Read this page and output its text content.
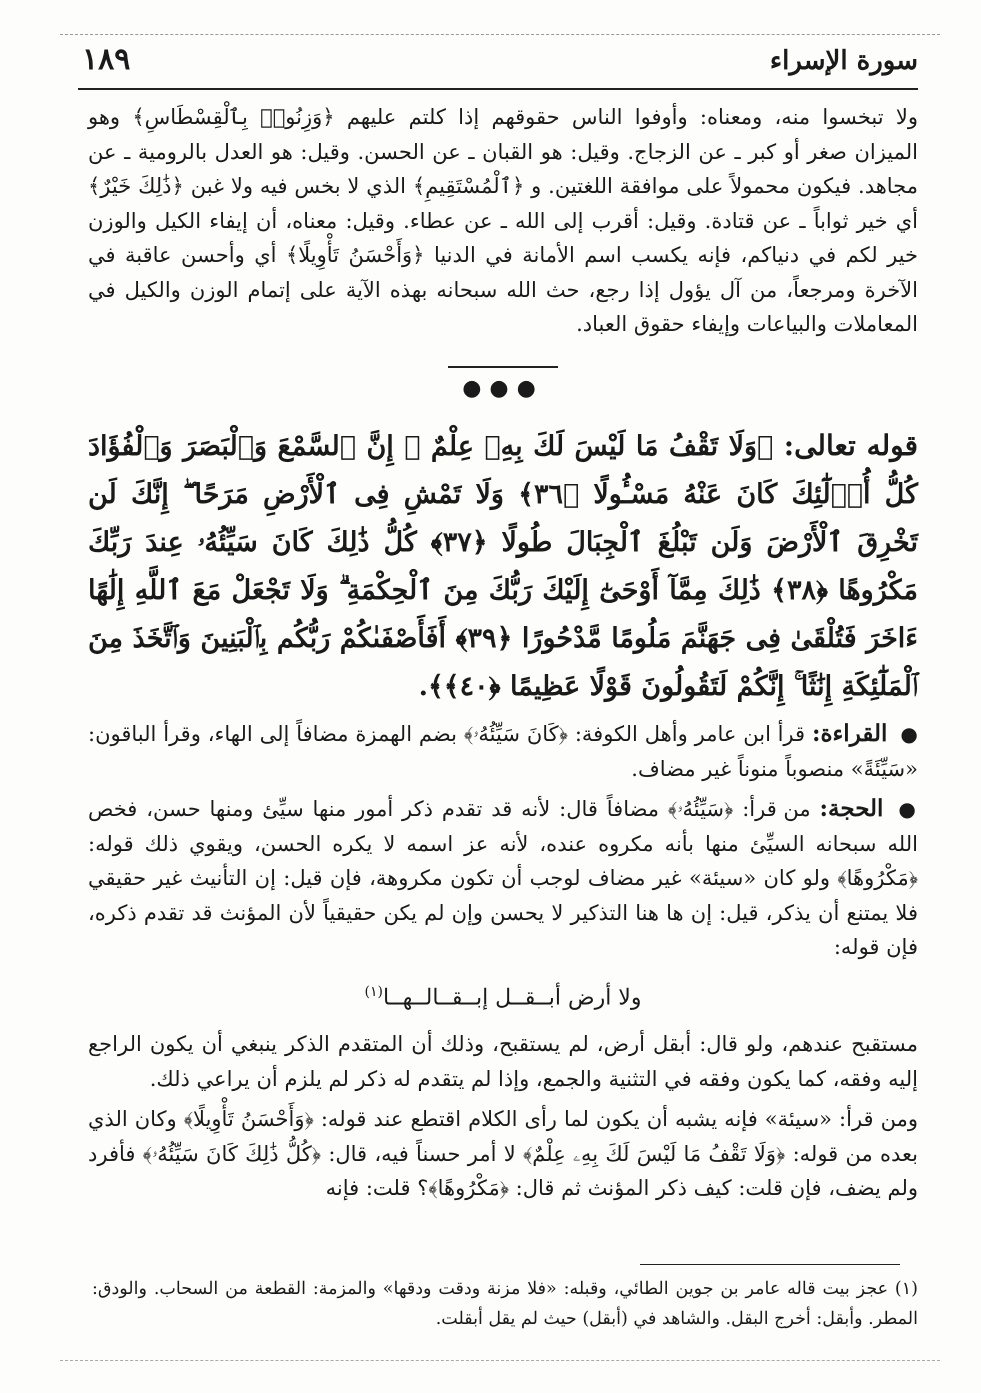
سورة الإسراء
١٨٩

ولا تبخسوا منه، ومعناه: وأوفوا الناس حقوقهم إذا كلتم عليهم ﴿وَزِنُوا۟ بِٱلْقِسْطَاسِ﴾ وهو الميزان صغر أو كبر ـ عن الزجاج. وقيل: هو القبان ـ عن الحسن. وقيل: هو العدل بالرومية ـ عن مجاهد. فيكون محمولاً على موافقة اللغتين. و ﴿ٱلْمُسْتَقِيمِ﴾ الذي لا بخس فيه ولا غبن ﴿ذَٰلِكَ خَيْرٌ﴾ أي خير ثواباً ـ عن قتادة. وقيل: أقرب إلى الله ـ عن عطاء. وقيل: معناه، أن إيفاء الكيل والوزن خير لكم في دنياكم، فإنه يكسب اسم الأمانة في الدنيا ﴿وَأَحْسَنُ تَأْوِيلًا﴾ أي وأحسن عاقبة في الآخرة ومرجعاً، من آل يؤول إذا رجع، حث الله سبحانه بهذه الآية على إتمام الوزن والكيل في المعاملات والبياعات وإيفاء حقوق العباد.

●●●

قوله تعالى: ﴿وَلَا تَقْفُ مَا لَيْسَ لَكَ بِهِۦ عِلْمٌ ۚ إِنَّ ٱلسَّمْعَ وَٱلْبَصَرَ وَٱلْفُؤَادَ كُلُّ أُو۟لَٰٓئِكَ كَانَ عَنْهُ مَسْـُٔولًا ﴿٣٦﴾ وَلَا تَمْشِ فِى ٱلْأَرْضِ مَرَحًا ۖ إِنَّكَ لَن تَخْرِقَ ٱلْأَرْضَ وَلَن تَبْلُغَ ٱلْجِبَالَ طُولًا ﴿٣٧﴾ كُلُّ ذَٰلِكَ كَانَ سَيِّئُهُۥ عِندَ رَبِّكَ مَكْرُوهًا ﴿٣٨﴾ ذَٰلِكَ مِمَّآ أَوْحَىٰٓ إِلَيْكَ رَبُّكَ مِنَ ٱلْحِكْمَةِ ۗ وَلَا تَجْعَلْ مَعَ ٱللَّهِ إِلَٰهًا ءَاخَرَ فَتُلْقَىٰ فِى جَهَنَّمَ مَلُومًا مَّدْحُورًا ﴿٣٩﴾ أَفَأَصْفَىٰكُمْ رَبُّكُم بِٱلْبَنِينَ وَٱتَّخَذَ مِنَ ٱلْمَلَٰٓئِكَةِ إِنَٰثًا ۚ إِنَّكُمْ لَتَقُولُونَ قَوْلًا عَظِيمًا ﴿٤٠﴾﴾.

● القراءة: قرأ ابن عامر وأهل الكوفة: ﴿كَانَ سَيِّئُهُۥ﴾ بضم الهمزة مضافاً إلى الهاء، وقرأ الباقون: «سَيِّئَةً» منصوباً منوناً غير مضاف.

● الحجة: من قرأ: ﴿سَيِّئُهُۥ﴾ مضافاً قال: لأنه قد تقدم ذكر أمور منها سيِّئ ومنها حسن، فخص الله سبحانه السيِّئ منها بأنه مكروه عنده، لأنه عز اسمه لا يكره الحسن، ويقوي ذلك قوله: ﴿مَكْرُوهًا﴾ ولو كان «سيئة» غير مضاف لوجب أن تكون مكروهة، فإن قيل: إن التأنيث غير حقيقي فلا يمتنع أن يذكر، قيل: إن ها هنا التذكير لا يحسن وإن لم يكن حقيقياً لأن المؤنث قد تقدم ذكره، فإن قوله:

ولا أرض أبــقــل إبــقــالــهــا$^{(١)}$

مستقبح عندهم، ولو قال: أبقل أرض، لم يستقبح، وذلك أن المتقدم الذكر ينبغي أن يكون الراجع إليه وفقه، كما يكون وفقه في التثنية والجمع، وإذا لم يتقدم له ذكر لم يلزم أن يراعي ذلك.

ومن قرأ: «سيئة» فإنه يشبه أن يكون لما رأى الكلام اقتطع عند قوله: ﴿وَأَحْسَنُ تَأْوِيلًا﴾ وكان الذي بعده من قوله: ﴿وَلَا تَقْفُ مَا لَيْسَ لَكَ بِهِۦ عِلْمٌ﴾ لا أمر حسناً فيه، قال: ﴿كُلُّ ذَٰلِكَ كَانَ سَيِّئُهُۥ﴾ فأفرد ولم يضف، فإن قلت: كيف ذكر المؤنث ثم قال: ﴿مَكْرُوهًا﴾؟ قلت: فإنه

(١) عجز بيت قاله عامر بن جوين الطائي، وقبله: «فلا مزنة ودقت ودقها» والمزمة: القطعة من السحاب. والودق: المطر. وأبقل: أخرج البقل. والشاهد في (أبقل) حيث لم يقل أبقلت.
